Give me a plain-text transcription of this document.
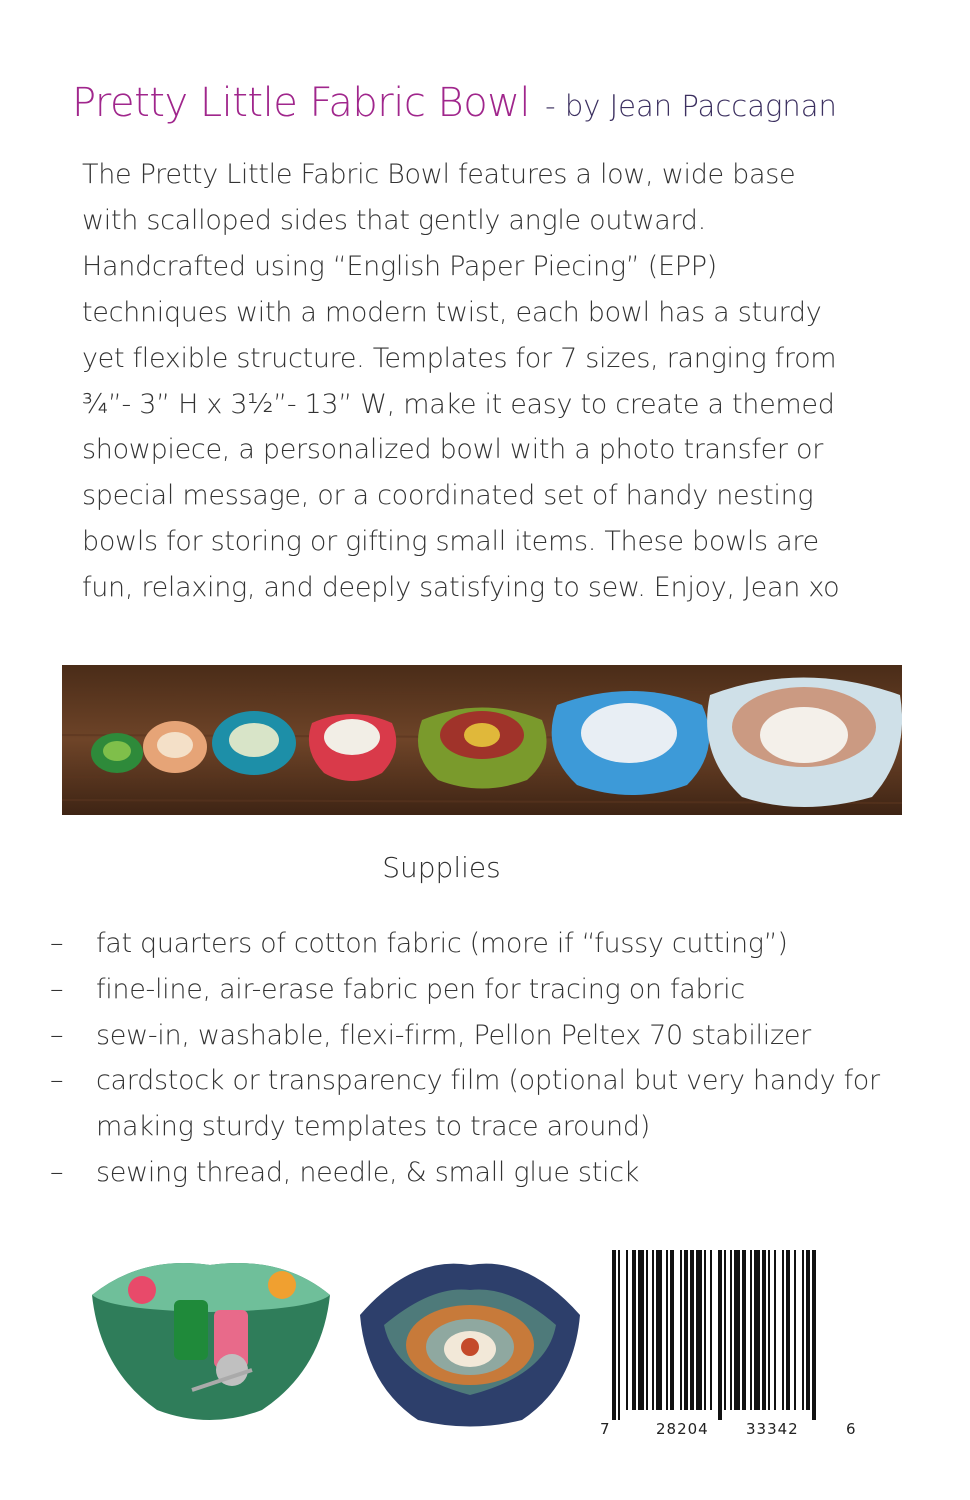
Pretty Little Fabric Bowl - by Jean Paccagnan

The Pretty Little Fabric Bowl features a low, wide base
with scalloped sides that gently angle outward.
Handcrafted using “English Paper Piecing” (EPP)
techniques with a modern twist, each bowl has a sturdy
yet flexible structure. Templates for 7 sizes, ranging from
¾”- 3” H x 3½”- 13” W, make it easy to create a themed
showpiece, a personalized bowl with a photo transfer or
special message, or a coordinated set of handy nesting
bowls for storing or gifting small items. These bowls are
fun, relaxing, and deeply satisfying to sew. Enjoy, Jean xo

Supplies
– fat quarters of cotton fabric (more if “fussy cutting”)
– fine-line, air-erase fabric pen for tracing on fabric
– sew-in, washable, flexi-firm, Pellon Peltex 70 stabilizer
– cardstock or transparency film (optional but very handy for making sturdy templates to trace around)
– sewing thread, needle, & small glue stick
7	28204 33342	6
